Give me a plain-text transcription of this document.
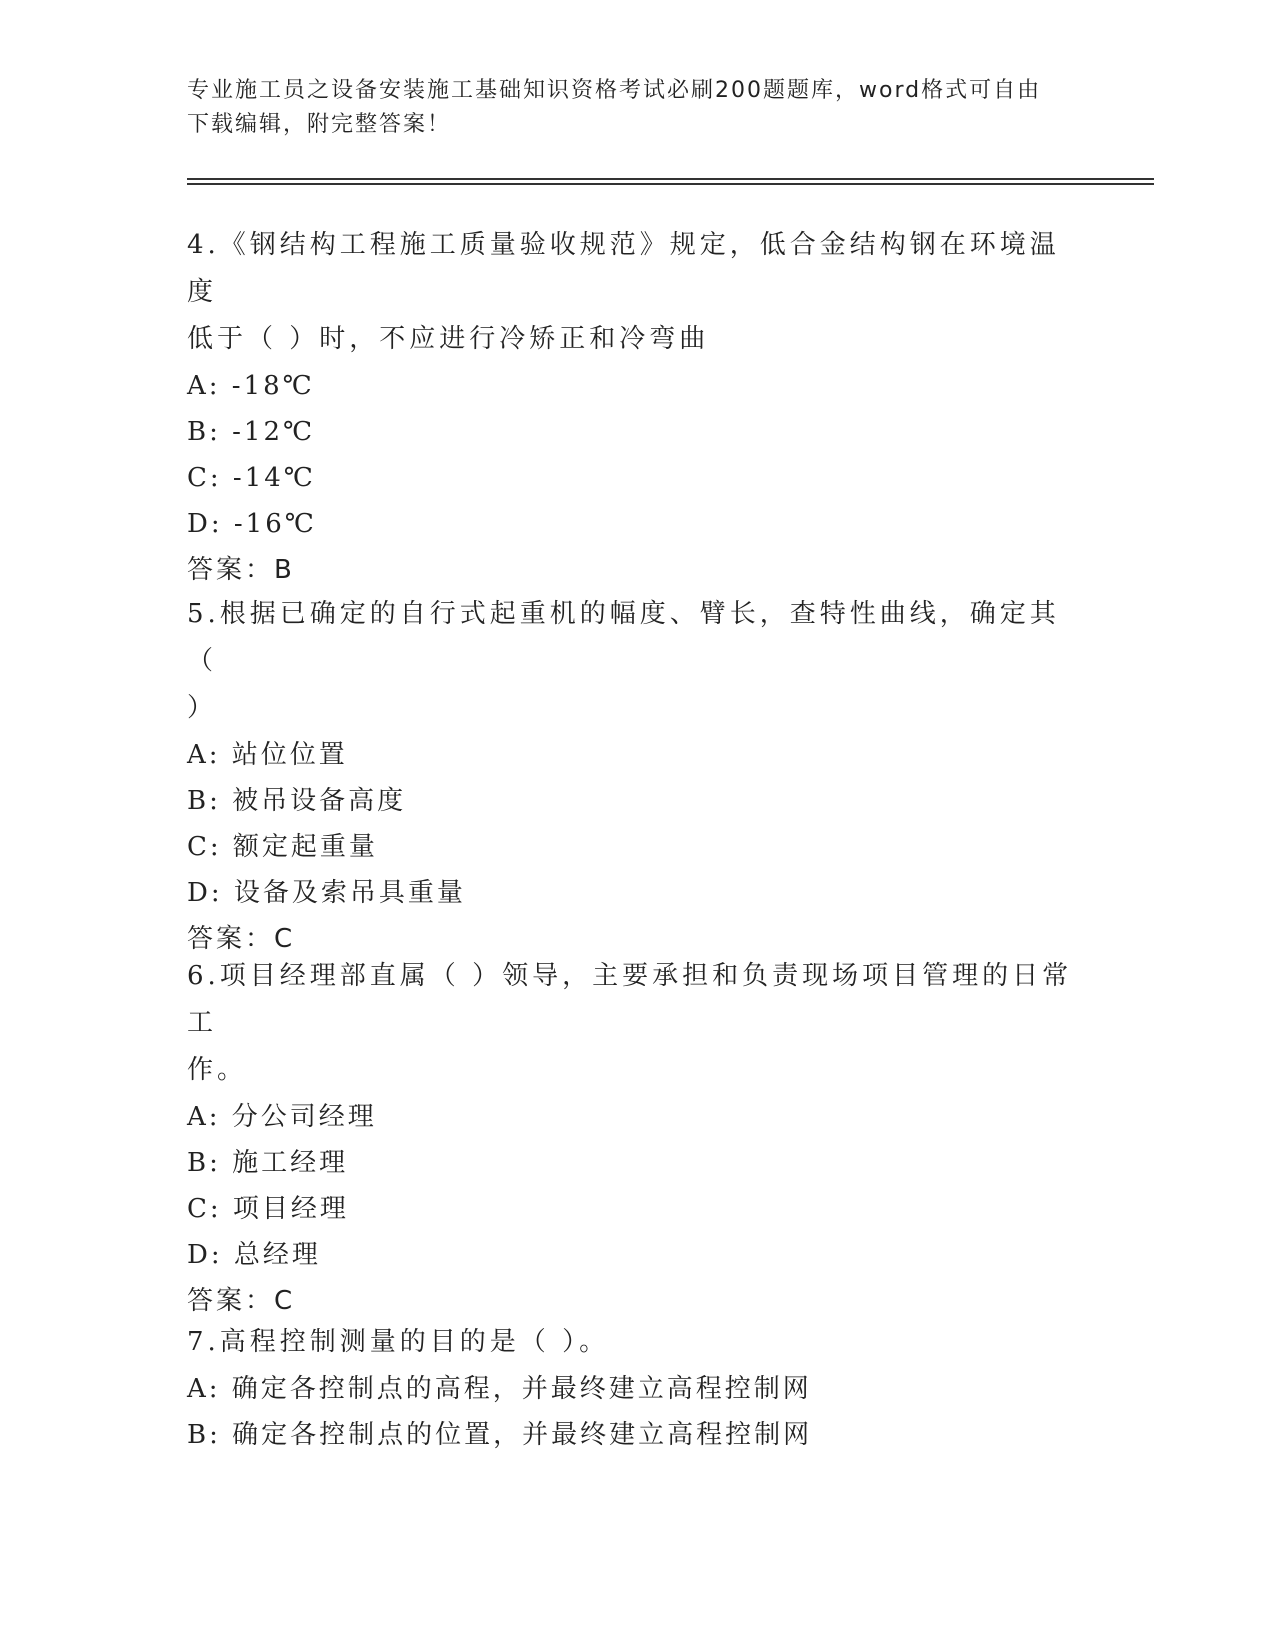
专业施工员之设备安装施工基础知识资格考试必刷200题题库，word格式可自由
下载编辑，附完整答案！

4.《钢结构工程施工质量验收规范》规定，低合金结构钢在环境温度

低于（ ）时，不应进行冷矫正和冷弯曲

A: -18℃

B: -12℃

C: -14℃

D: -16℃

答案：B

5.根据已确定的自行式起重机的幅度、臂长，查特性曲线，确定其（

）

A: 站位位置

B: 被吊设备高度

C: 额定起重量

D: 设备及索吊具重量

答案：C

6.项目经理部直属（ ）领导，主要承担和负责现场项目管理的日常工

作。

A: 分公司经理

B: 施工经理

C: 项目经理

D: 总经理

答案：C

7.高程控制测量的目的是（ ）。

A: 确定各控制点的高程，并最终建立高程控制网

B: 确定各控制点的位置，并最终建立高程控制网
